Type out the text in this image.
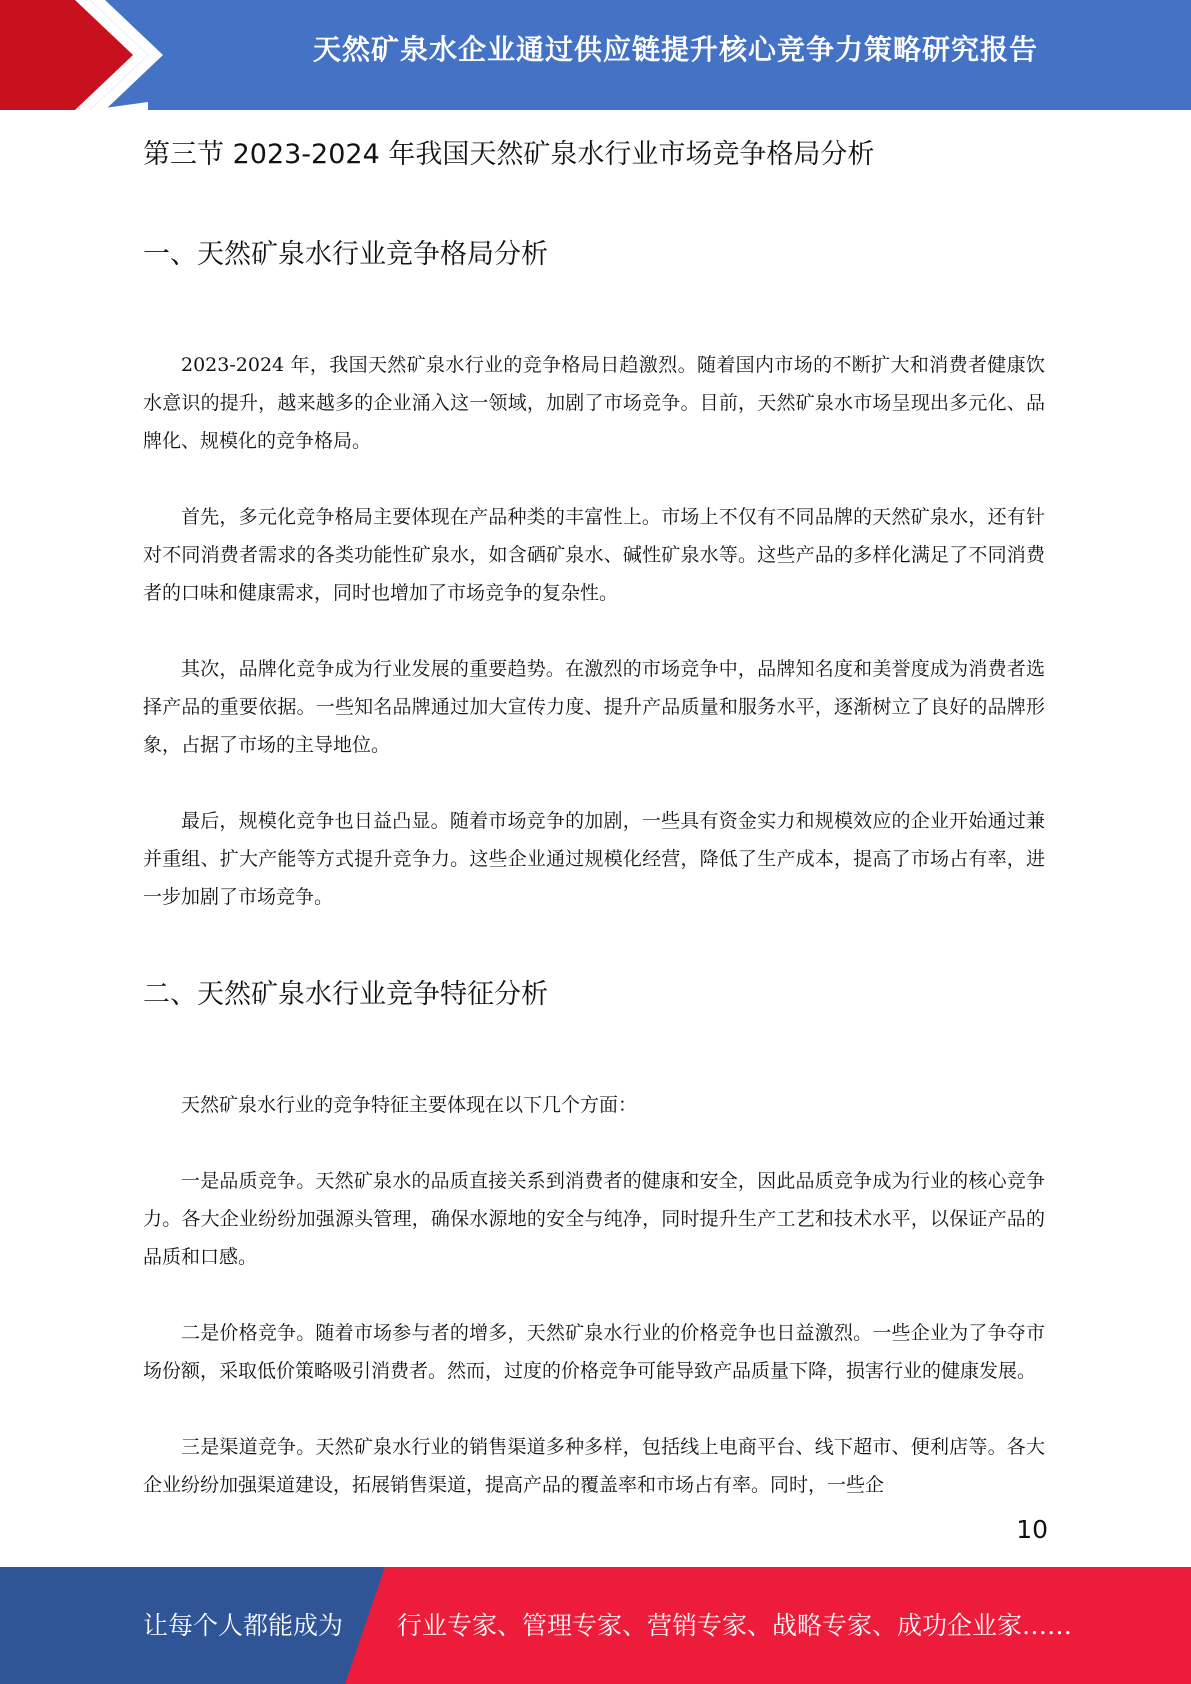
天然矿泉水企业通过供应链提升核心竞争力策略研究报告
第三节 2023-2024 年我国天然矿泉水行业市场竞争格局分析
一、天然矿泉水行业竞争格局分析

2023-2024 年，我国天然矿泉水行业的竞争格局日趋激烈。随着国内市场的不断扩大和消费者健康饮水意识的提升，越来越多的企业涌入这一领域，加剧了市场竞争。目前，天然矿泉水市场呈现出多元化、品牌化、规模化的竞争格局。

首先，多元化竞争格局主要体现在产品种类的丰富性上。市场上不仅有不同品牌的天然矿泉水，还有针对不同消费者需求的各类功能性矿泉水，如含硒矿泉水、碱性矿泉水等。这些产品的多样化满足了不同消费者的口味和健康需求，同时也增加了市场竞争的复杂性。

其次，品牌化竞争成为行业发展的重要趋势。在激烈的市场竞争中，品牌知名度和美誉度成为消费者选择产品的重要依据。一些知名品牌通过加大宣传力度、提升产品质量和服务水平，逐渐树立了良好的品牌形象，占据了市场的主导地位。

最后，规模化竞争也日益凸显。随着市场竞争的加剧，一些具有资金实力和规模效应的企业开始通过兼并重组、扩大产能等方式提升竞争力。这些企业通过规模化经营，降低了生产成本，提高了市场占有率，进一步加剧了市场竞争。

二、天然矿泉水行业竞争特征分析

天然矿泉水行业的竞争特征主要体现在以下几个方面：

一是品质竞争。天然矿泉水的品质直接关系到消费者的健康和安全，因此品质竞争成为行业的核心竞争力。各大企业纷纷加强源头管理，确保水源地的安全与纯净，同时提升生产工艺和技术水平，以保证产品的品质和口感。

二是价格竞争。随着市场参与者的增多，天然矿泉水行业的价格竞争也日益激烈。一些企业为了争夺市场份额，采取低价策略吸引消费者。然而，过度的价格竞争可能导致产品质量下降，损害行业的健康发展。

三是渠道竞争。天然矿泉水行业的销售渠道多种多样，包括线上电商平台、线下超市、便利店等。各大企业纷纷加强渠道建设，拓展销售渠道，提高产品的覆盖率和市场占有率。同时，一些企

10
让每个人都能成为 行业专家、管理专家、营销专家、战略专家、成功企业家……
